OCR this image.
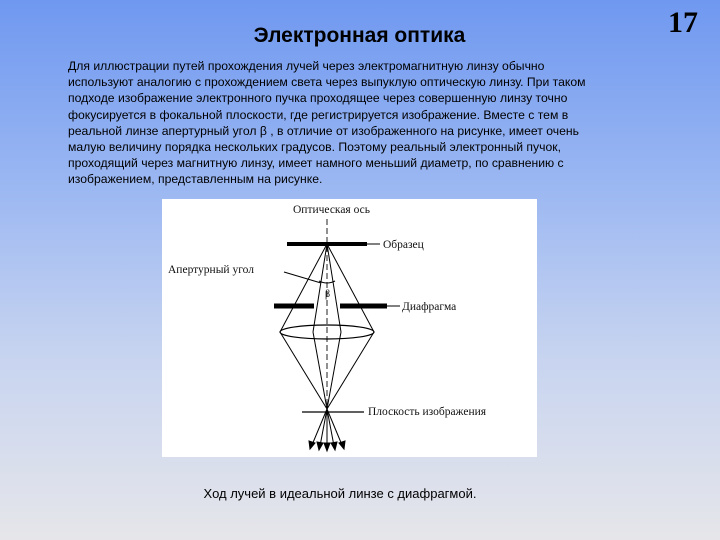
Электронная оптика	17
Для иллюстрации путей прохождения лучей через электромагнитную линзу обычно
используют аналогию с прохождением света через выпуклую оптическую линзу. При таком
подходе изображение электронного пучка проходящее через совершенную линзу точно
фокусируется в фокальной плоскости, где регистрируется изображение. Вместе с тем в
реальной линзе апертурный угол β , в отличие от изображенного на рисунке, имеет очень
малую величину порядка нескольких градусов. Поэтому реальный электронный пучок,
проходящий через магнитную линзу, имеет намного меньший диаметр, по сравнению с
изображением, представленным на рисунке.
Оптическая ось
Образец
Апертурный угол
β
Диафрагма
Плоскость изображения
Ход лучей в идеальной линзе с диафрагмой.
